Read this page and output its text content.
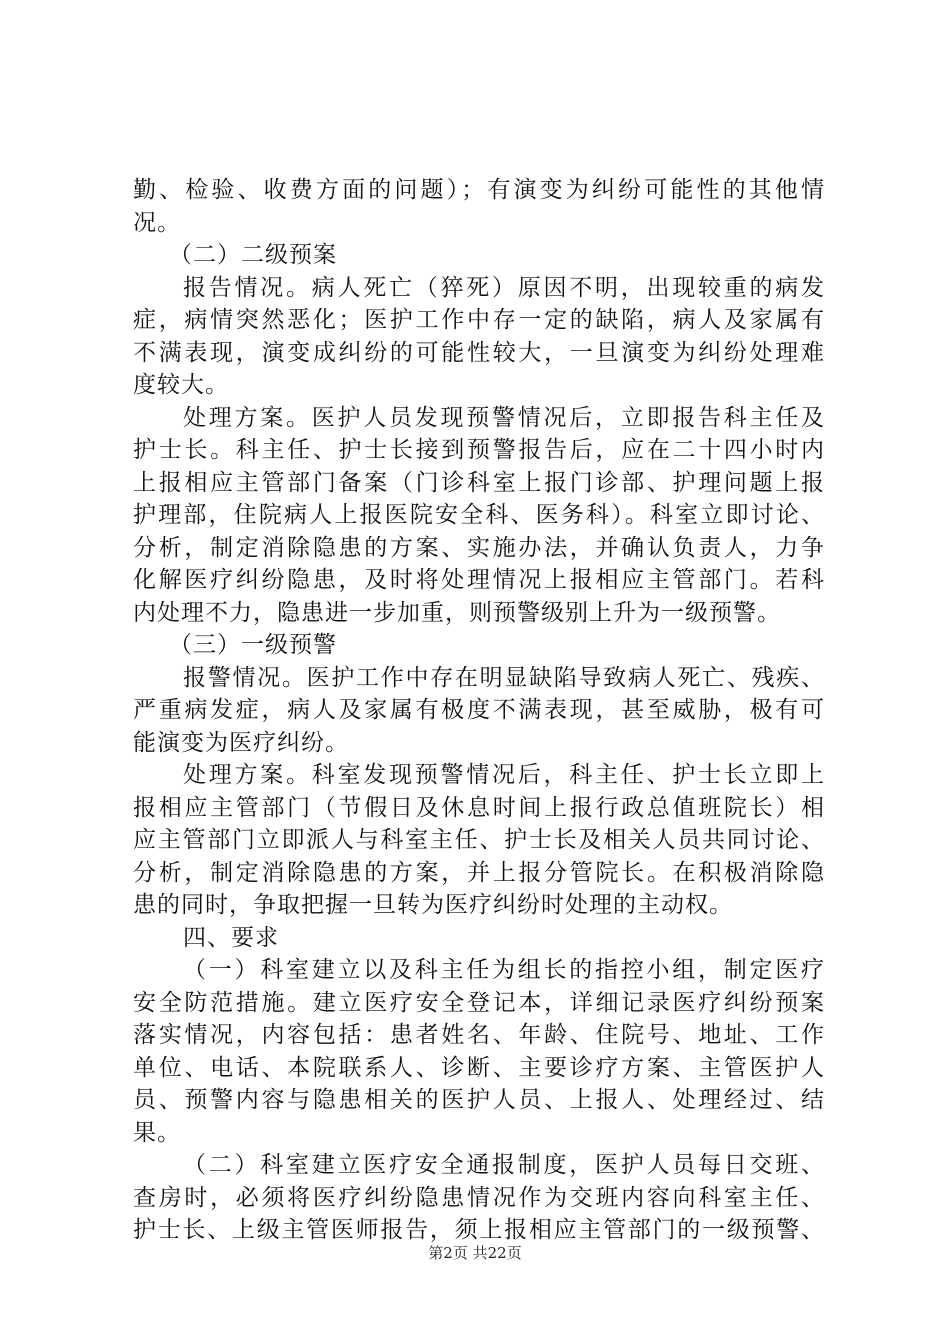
勤、检验、收费方面的问题）；有演变为纠纷可能性的其他情
况。
（二）二级预案
报告情况。病人死亡（猝死）原因不明，出现较重的病发
症，病情突然恶化；医护工作中存一定的缺陷，病人及家属有
不满表现，演变成纠纷的可能性较大，一旦演变为纠纷处理难
度较大。
处理方案。医护人员发现预警情况后，立即报告科主任及
护士长。科主任、护士长接到预警报告后，应在二十四小时内
上报相应主管部门备案（门诊科室上报门诊部、护理问题上报
护理部，住院病人上报医院安全科、医务科）。科室立即讨论、
分析，制定消除隐患的方案、实施办法，并确认负责人，力争
化解医疗纠纷隐患，及时将处理情况上报相应主管部门。若科
内处理不力，隐患进一步加重，则预警级别上升为一级预警。
（三）一级预警
报警情况。医护工作中存在明显缺陷导致病人死亡、残疾、
严重病发症，病人及家属有极度不满表现，甚至威胁，极有可
能演变为医疗纠纷。
处理方案。科室发现预警情况后，科主任、护士长立即上
报相应主管部门（节假日及休息时间上报行政总值班院长）相
应主管部门立即派人与科室主任、护士长及相关人员共同讨论、
分析，制定消除隐患的方案，并上报分管院长。在积极消除隐
患的同时，争取把握一旦转为医疗纠纷时处理的主动权。
四、要求
（一）科室建立以及科主任为组长的指控小组，制定医疗
安全防范措施。建立医疗安全登记本，详细记录医疗纠纷预案
落实情况，内容包括：患者姓名、年龄、住院号、地址、工作
单位、电话、本院联系人、诊断、主要诊疗方案、主管医护人
员、预警内容与隐患相关的医护人员、上报人、处理经过、结
果。
（二）科室建立医疗安全通报制度，医护人员每日交班、
查房时，必须将医疗纠纷隐患情况作为交班内容向科室主任、
护士长、上级主管医师报告，须上报相应主管部门的一级预警、
第2页 共22页
